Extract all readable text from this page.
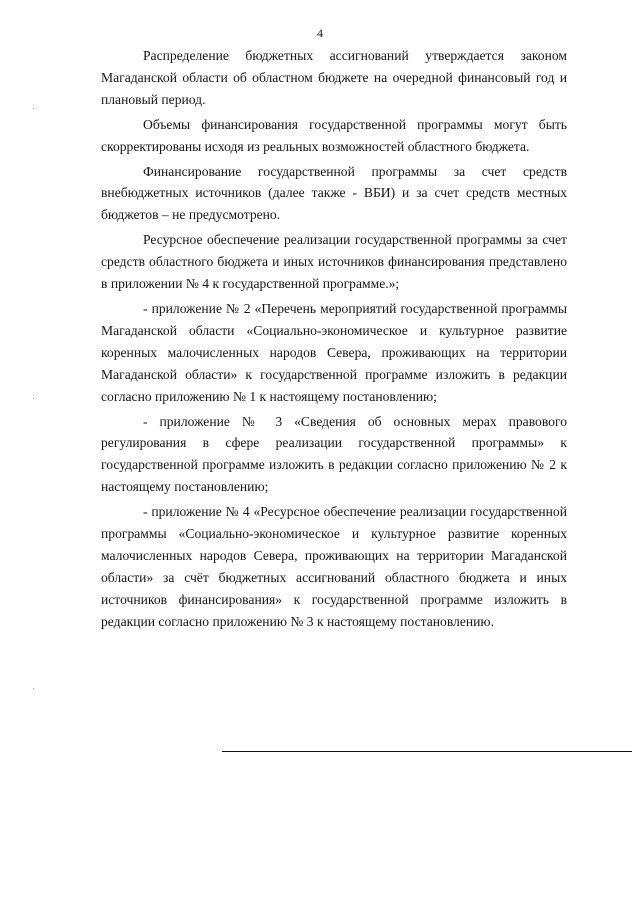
4

Распределение бюджетных ассигнований утверждается законом Магаданской области об областном бюджете на очередной финансовый год и плановый период.

Объемы финансирования государственной программы могут быть скорректированы исходя из реальных возможностей областного бюджета.

Финансирование государственной программы за счет средств внебюджетных источников (далее также - ВБИ) и за счет средств местных бюджетов – не предусмотрено.

Ресурсное обеспечение реализации государственной программы за счет средств областного бюджета и иных источников финансирования представлено в приложении № 4 к государственной программе.»;

- приложение № 2 «Перечень мероприятий государственной программы Магаданской области «Социально-экономическое и культурное развитие коренных малочисленных народов Севера, проживающих на территории Магаданской области» к государственной программе изложить в редакции согласно приложению № 1 к настоящему постановлению;

- приложение № 3 «Сведения об основных мерах правового регулирования в сфере реализации государственной программы» к государственной программе изложить в редакции согласно приложению № 2 к настоящему постановлению;

- приложение № 4 «Ресурсное обеспечение реализации государственной программы «Социально-экономическое и культурное развитие коренных малочисленных народов Севера, проживающих на территории Магаданской области» за счёт бюджетных ассигнований областного бюджета и иных источников финансирования» к государственной программе изложить в редакции согласно приложению № 3 к настоящему постановлению.
